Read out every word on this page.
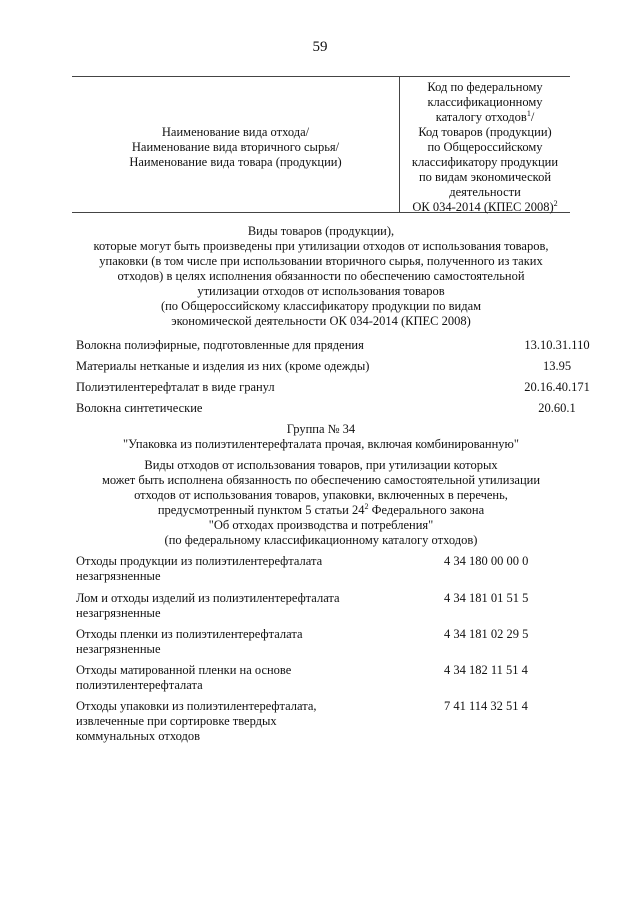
59
Наименование вида отхода/
Наименование вида вторичного сырья/
Наименование вида товара (продукции)
Код по федеральному
классификационному
каталогу отходов$^1$/
Код товаров (продукции)
по Общероссийскому
классификатору продукции
по видам экономической
деятельности
ОК 034-2014 (КПЕС 2008)$^2$
Виды товаров (продукции),
которые могут быть произведены при утилизации отходов от использования товаров,
упаковки (в том числе при использовании вторичного сырья, полученного из таких
отходов) в целях исполнения обязанности по обеспечению самостоятельной
утилизации отходов от использования товаров
(по Общероссийскому классификатору продукции по видам
экономической деятельности ОК 034-2014 (КПЕС 2008)
Волокна полиэфирные, подготовленные для прядения	13.10.31.110
Материалы нетканые и изделия из них (кроме одежды)	13.95
Полиэтилентерефталат в виде гранул	20.16.40.171
Волокна синтетические	20.60.1
Группа № 34
"Упаковка из полиэтилентерефталата прочая, включая комбинированную"
Виды отходов от использования товаров, при утилизации которых
может быть исполнена обязанность по обеспечению самостоятельной утилизации
отходов от использования товаров, упаковки, включенных в перечень,
предусмотренный пунктом 5 статьи $24^2$ Федерального закона
"Об отходах производства и потребления"
(по федеральному классификационному каталогу отходов)
Отходы продукции из полиэтилентерефталата
незагрязненные
4 34 180 00 00 0
Лом и отходы изделий из полиэтилентерефталата
незагрязненные
4 34 181 01 51 5
Отходы пленки из полиэтилентерефталата
незагрязненные
4 34 181 02 29 5
Отходы матированной пленки на основе
полиэтилентерефталата
4 34 182 11 51 4
Отходы упаковки из полиэтилентерефталата,
извлеченные при сортировке твердых
коммунальных отходов
7 41 114 32 51 4
